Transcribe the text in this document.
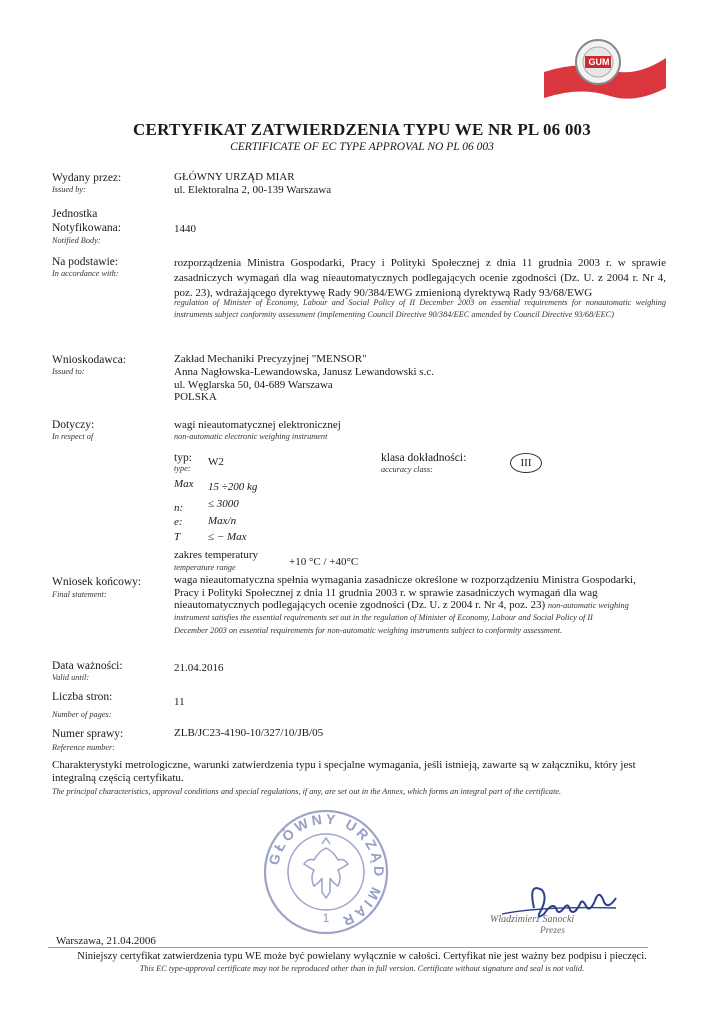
GUM
CERTYFIKAT ZATWIERDZENIA TYPU WE NR PL 06 003
CERTIFICATE OF EC TYPE APPROVAL NO PL 06 003
Wydany przez:
Issued by:
GŁÓWNY URZĄD MIAR
ul. Elektoralna 2, 00-139 Warszawa
Jednostka
Notyfikowana:
Notified Body:
1440
Na podstawie:
In accordance with:
rozporządzenia Ministra Gospodarki, Pracy i Polityki Społecznej z dnia 11 grudnia 2003 r. w sprawie zasadniczych wymagań dla wag nieautomatycznych podlegających ocenie zgodności (Dz. U. z 2004 r. Nr 4, poz. 23), wdrażającego dyrektywę Rady 90/384/EWG zmienioną dyrektywą Rady 93/68/EWG
regulation of Minister of Economy, Labour and Social Policy of II December 2003 on essential requirements for nonautomatic weighing instruments subject conformity assessment (implementing Council Directive 90/384/EEC amended by Council Directive 93/68/EEC)
Wnioskodawca:
Issued to:
Zakład Mechaniki Precyzyjnej "MENSOR"
Anna Nagłowska-Lewandowska, Janusz Lewandowski s.c.
ul. Węglarska 50, 04-689 Warszawa
POLSKA
Dotyczy:
In respect of
wagi nieautomatycznej elektronicznej
non-automatic electronic weighing instrument
typ:
type:
W2	klasa dokładności:
accuracy class:
III
Max 15 ÷200 kg
n: ≤ 3000
e: Max/n
T	≤ − Max
zakres temperatury
temperature range	+10 °C / +40°C
Wniosek końcowy:
Final statement:
waga nieautomatyczna spełnia wymagania zasadnicze określone w rozporządzeniu Ministra Gospodarki,
Pracy i Polityki Społecznej z dnia 11 grudnia 2003 r. w sprawie zasadniczych wymagań dla wag
nieautomatycznych podlegających ocenie zgodności (Dz. U. z 2004 r. Nr 4, poz. 23) non-automatic weighing
instrument satisfies the essential requirements set out in the regulation of Minister of Economy, Labour and Social Policy of II
December 2003 on essential requirements for non-automatic weighing instruments subject to conformity assessment.
Data ważności:
Valid until:
21.04.2016
Liczba stron:
Number of pages:
11
Numer sprawy:
Reference number:
ZLB/JC23-4190-10/327/10/JB/05
Charakterystyki metrologiczne, warunki zatwierdzenia typu i specjalne wymagania, jeśli istnieją, zawarte są w załączniku, który jest
integralną częścią certyfikatu.
The principal characteristics, approval conditions and special regulations, if any, are set out in the Annex, which forms an integral part of the certificate.
GŁÓWNY URZĄD MIAR
1	Władzimierz Sanocki
Prezes
Warszawa, 21.04.2006
Niniejszy certyfikat zatwierdzenia typu WE może być powielany wyłącznie w całości. Certyfikat nie jest ważny bez podpisu i pieczęci.
This EC type-approval certificate may not be reproduced other than in full version. Certificate without signature and seal is not valid.
